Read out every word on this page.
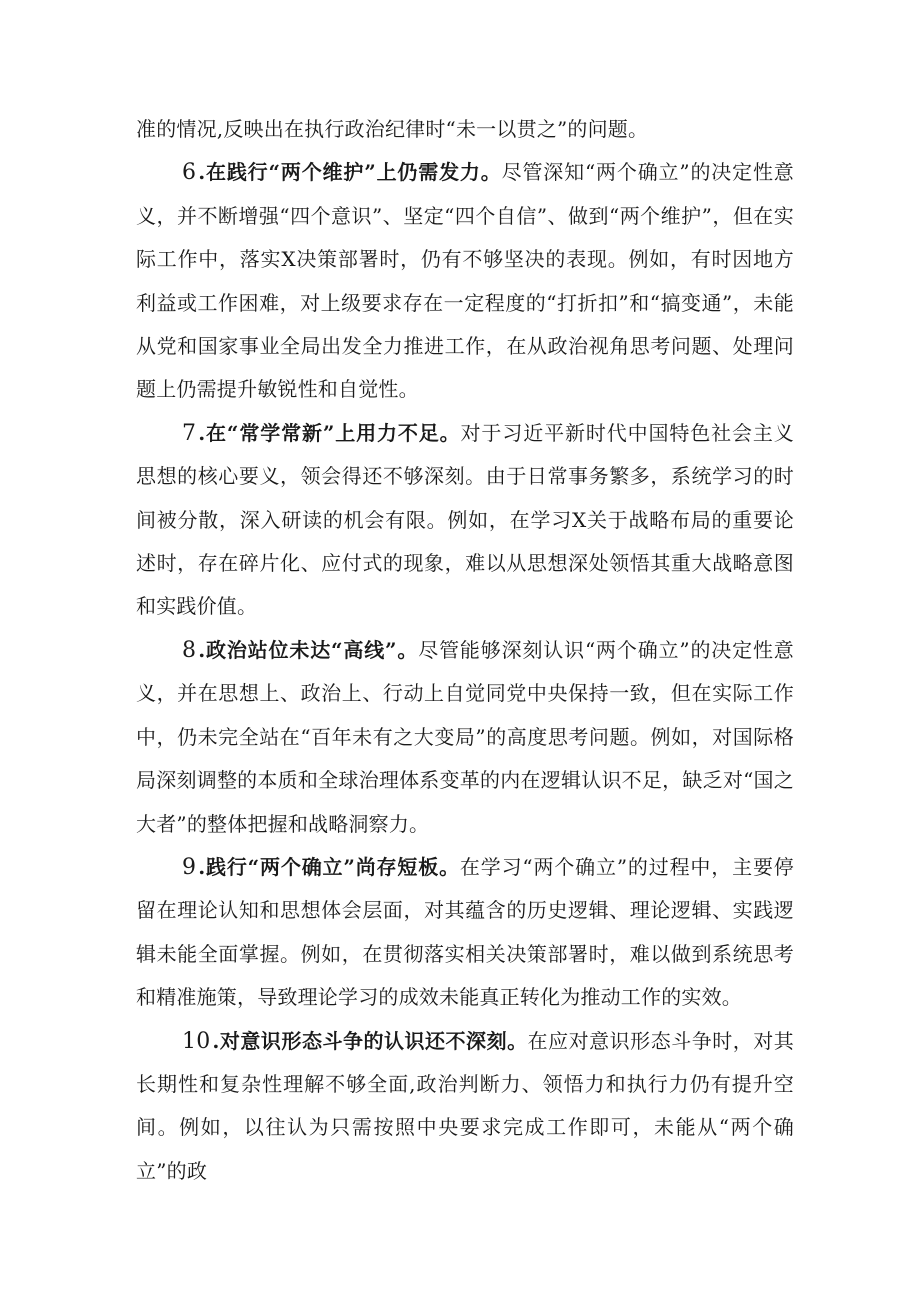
准的情况,反映出在执行政治纪律时“未一以贯之”的问题。

6 .在践行“两个维护”上仍需发力。尽管深知“两个确立”的决定性意义，并不断增强“四个意识”、坚定“四个自信”、做到“两个维护”，但在实际工作中，落实X决策部署时，仍有不够坚决的表现。例如，有时因地方利益或工作困难，对上级要求存在一定程度的“打折扣”和“搞变通”，未能从党和国家事业全局出发全力推进工作，在从政治视角思考问题、处理问题上仍需提升敏锐性和自觉性。

7 .在“常学常新”上用力不足。对于习近平新时代中国特色社会主义思想的核心要义，领会得还不够深刻。由于日常事务繁多，系统学习的时间被分散，深入研读的机会有限。例如，在学习X关于战略布局的重要论述时，存在碎片化、应付式的现象，难以从思想深处领悟其重大战略意图和实践价值。

8 .政治站位未达“高线”。尽管能够深刻认识“两个确立”的决定性意义，并在思想上、政治上、行动上自觉同党中央保持一致，但在实际工作中，仍未完全站在“百年未有之大变局”的高度思考问题。例如，对国际格局深刻调整的本质和全球治理体系变革的内在逻辑认识不足，缺乏对“国之大者”的整体把握和战略洞察力。

9 .践行“两个确立”尚存短板。在学习“两个确立”的过程中，主要停留在理论认知和思想体会层面，对其蕴含的历史逻辑、理论逻辑、实践逻辑未能全面掌握。例如，在贯彻落实相关决策部署时，难以做到系统思考和精准施策，导致理论学习的成效未能真正转化为推动工作的实效。

10 .对意识形态斗争的认识还不深刻。在应对意识形态斗争时，对其长期性和复杂性理解不够全面,政治判断力、领悟力和执行力仍有提升空间。例如，以往认为只需按照中央要求完成工作即可，未能从“两个确立”的政
